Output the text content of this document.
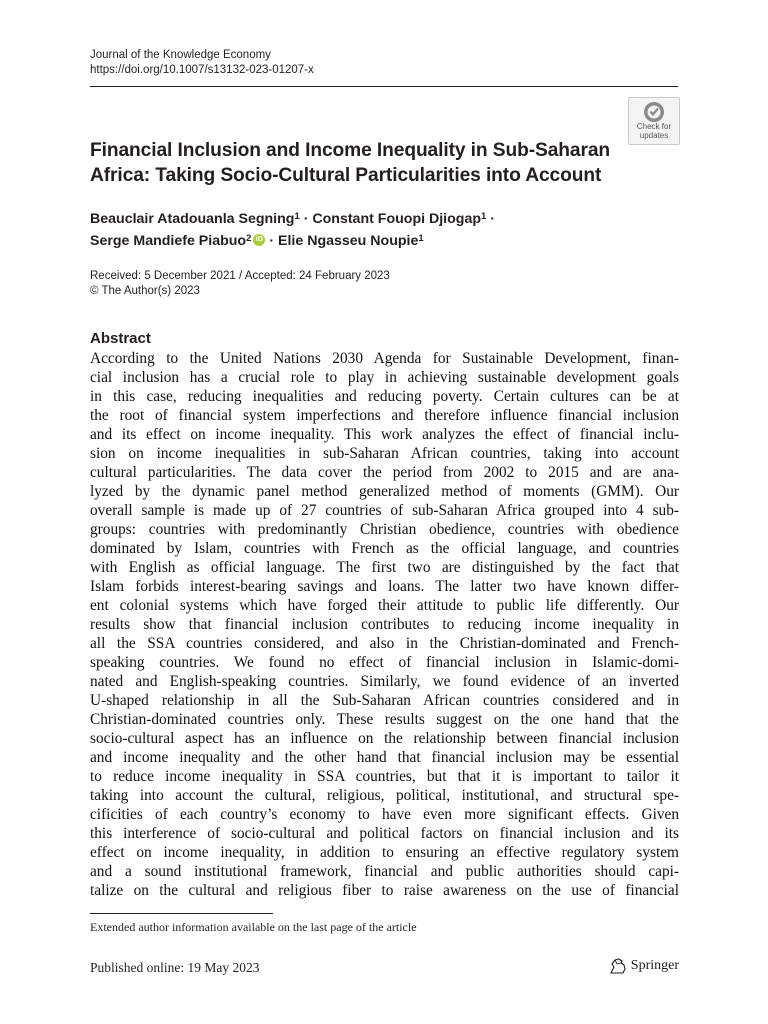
Journal of the Knowledge Economy
https://doi.org/10.1007/s13132-023-01207-x
Check for
updates
Financial Inclusion and Income Inequality in Sub-Saharan
Africa: Taking Socio-Cultural Particularities into Account
Beauclair Atadouanla Segning$^1$ · Constant Fouopi Djiogap$^1$ ·
Serge Mandiefe Piabuo$^2$ iD · Elie Ngasseu Noupie$^1$
Received: 5 December 2021 / Accepted: 24 February 2023
© The Author(s) 2023
Abstract
According to the United Nations 2030 Agenda for Sustainable Development, finan-
cial inclusion has a crucial role to play in achieving sustainable development goals
in this case, reducing inequalities and reducing poverty. Certain cultures can be at
the root of financial system imperfections and therefore influence financial inclusion
and its effect on income inequality. This work analyzes the effect of financial inclu-
sion on income inequalities in sub-Saharan African countries, taking into account
cultural particularities. The data cover the period from 2002 to 2015 and are ana-
lyzed by the dynamic panel method generalized method of moments (GMM). Our
overall sample is made up of 27 countries of sub-Saharan Africa grouped into 4 sub-
groups: countries with predominantly Christian obedience, countries with obedience
dominated by Islam, countries with French as the official language, and countries
with English as official language. The first two are distinguished by the fact that
Islam forbids interest-bearing savings and loans. The latter two have known differ-
ent colonial systems which have forged their attitude to public life differently. Our
results show that financial inclusion contributes to reducing income inequality in
all the SSA countries considered, and also in the Christian-dominated and French-
speaking countries. We found no effect of financial inclusion in Islamic-domi-
nated and English-speaking countries. Similarly, we found evidence of an inverted
U-shaped relationship in all the Sub-Saharan African countries considered and in
Christian-dominated countries only. These results suggest on the one hand that the
socio-cultural aspect has an influence on the relationship between financial inclusion
and income inequality and the other hand that financial inclusion may be essential
to reduce income inequality in SSA countries, but that it is important to tailor it
taking into account the cultural, religious, political, institutional, and structural spe-
cificities of each country’s economy to have even more significant effects. Given
this interference of socio-cultural and political factors on financial inclusion and its
effect on income inequality, in addition to ensuring an effective regulatory system
and a sound institutional framework, financial and public authorities should capi-
talize on the cultural and religious fiber to raise awareness on the use of financial
Extended author information available on the last page of the article
Published online: 19 May 2023	Springer
